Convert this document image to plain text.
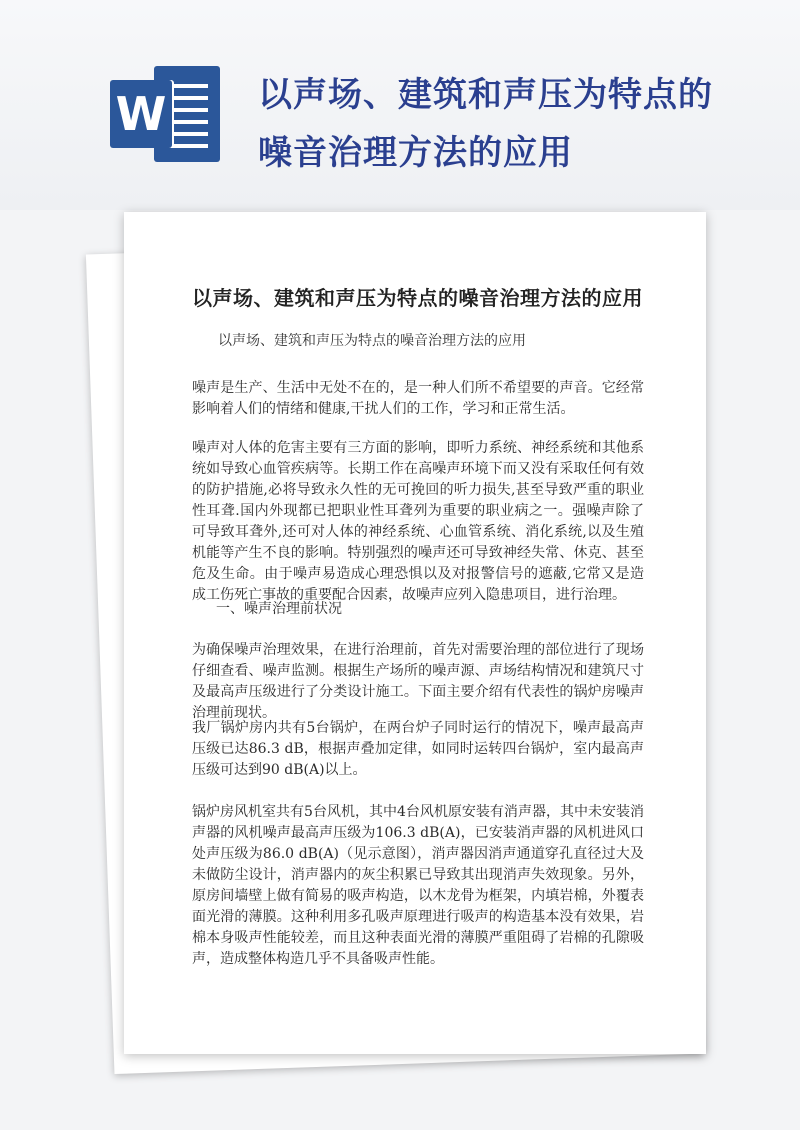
W	以声场、建筑和声压为特点的噪音治理方法的应用
以声场、建筑和声压为特点的噪音治理方法的应用
以声场、建筑和声压为特点的噪音治理方法的应用

噪声是生产、生活中无处不在的，是一种人们所不希望要的声音。它经常影响着人们的情绪和健康,干扰人们的工作，学习和正常生活。

噪声对人体的危害主要有三方面的影响，即听力系统、神经系统和其他系统如导致心血管疾病等。长期工作在高噪声环境下而又没有采取任何有效的防护措施,必将导致永久性的无可挽回的听力损失,甚至导致严重的职业性耳聋.国内外现都已把职业性耳聋列为重要的职业病之一。强噪声除了可导致耳聋外,还可对人体的神经系统、心血管系统、消化系统,以及生殖机能等产生不良的影响。特别强烈的噪声还可导致神经失常、休克、甚至危及生命。由于噪声易造成心理恐惧以及对报警信号的遮蔽,它常又是造成工伤死亡事故的重要配合因素，故噪声应列入隐患项目，进行治理。

一、噪声治理前状况

为确保噪声治理效果，在进行治理前，首先对需要治理的部位进行了现场仔细查看、噪声监测。根据生产场所的噪声源、声场结构情况和建筑尺寸及最高声压级进行了分类设计施工。下面主要介绍有代表性的锅炉房噪声治理前现状。

我厂锅炉房内共有5台锅炉，在两台炉子同时运行的情况下，噪声最高声压级已达86.3 dB，根据声叠加定律，如同时运转四台锅炉，室内最高声压级可达到90 dB(A)以上。

锅炉房风机室共有5台风机，其中4台风机原安装有消声器，其中未安装消声器的风机噪声最高声压级为106.3 dB(A)，已安装消声器的风机进风口处声压级为86.0 dB(A)（见示意图），消声器因消声通道穿孔直径过大及未做防尘设计，消声器内的灰尘积累已导致其出现消声失效现象。另外，原房间墙壁上做有简易的吸声构造，以木龙骨为框架，内填岩棉，外覆表面光滑的薄膜。这种利用多孔吸声原理进行吸声的构造基本没有效果，岩棉本身吸声性能较差，而且这种表面光滑的薄膜严重阻碍了岩棉的孔隙吸声，造成整体构造几乎不具备吸声性能。
